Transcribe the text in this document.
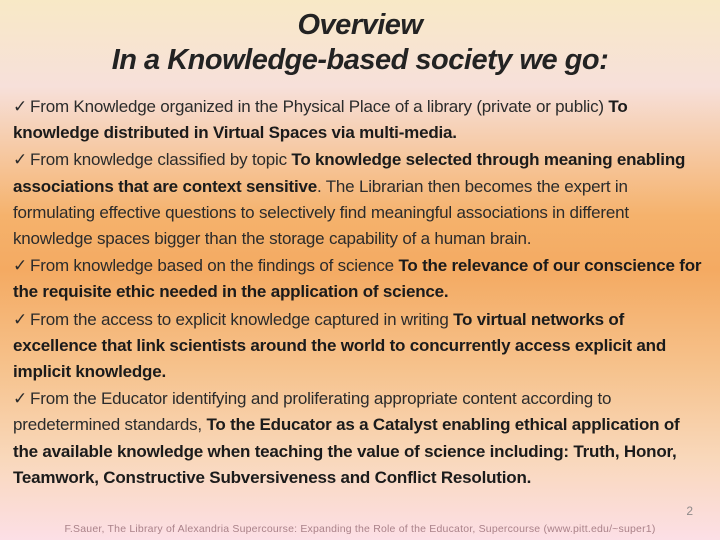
Overview
In a Knowledge-based society we go:

✓ From Knowledge organized in the Physical Place of a library (private or public) To knowledge distributed in Virtual Spaces via multi-media.

✓ From knowledge classified by topic To knowledge selected through meaning enabling associations that are context sensitive. The Librarian then becomes the expert in formulating effective questions to selectively find meaningful associations in different knowledge spaces bigger than the storage capability of a human brain.

✓ From knowledge based on the findings of science To the relevance of our conscience for the requisite ethic needed in the application of science.

✓ From the access to explicit knowledge captured in writing To virtual networks of excellence that link scientists around the world to concurrently access explicit and implicit knowledge.

✓ From the Educator identifying and proliferating appropriate content according to predetermined standards, To the Educator as a Catalyst enabling ethical application of the available knowledge when teaching the value of science including: Truth, Honor, Teamwork, Constructive Subversiveness and Conflict Resolution.

2
F.Sauer, The Library of Alexandria Supercourse: Expanding the Role of the Educator, Supercourse (www.pitt.edu/~super1)
